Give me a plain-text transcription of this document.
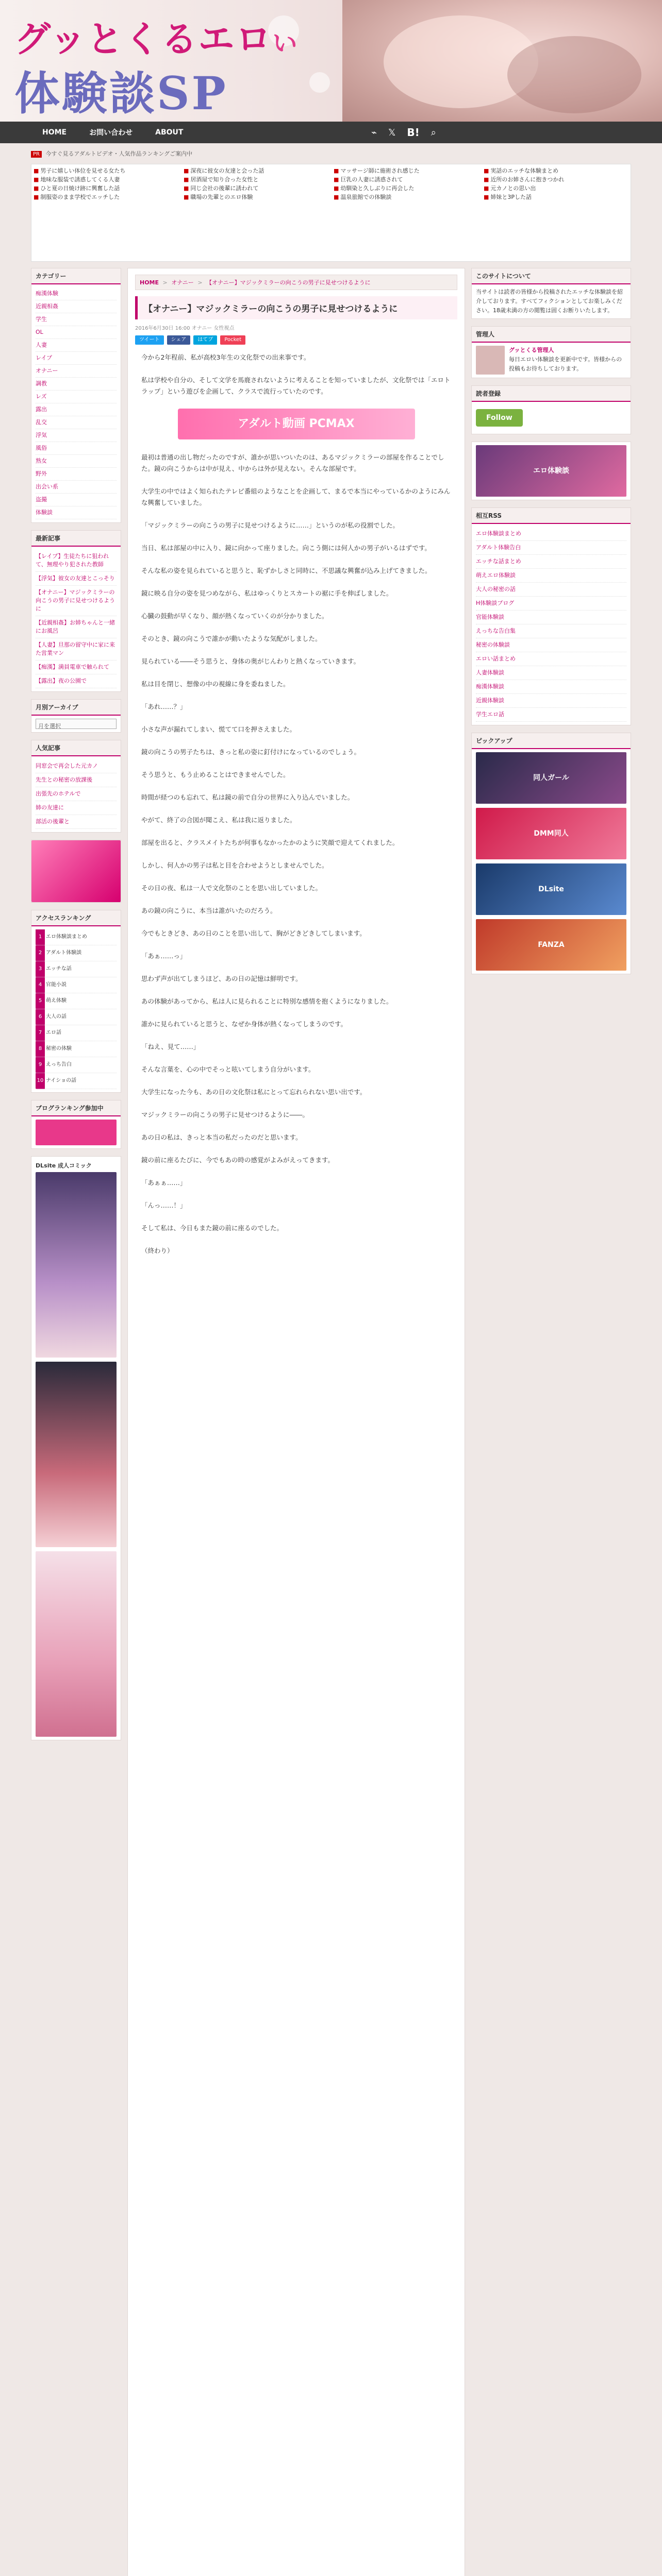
グッとくるエロい
体験談SP
HOME	お問い合わせ	ABOUT	⌁ 𝕏 B! ⌕
PR 今すぐ見るアダルトビデオ・人気作品ランキングご案内中
■ 男子に嬉しい体位を見せる女たち
■ 地味な服装で誘惑してくる人妻
■ ひと夏の日焼け跡に興奮した話
■ 制服姿のまま学校でエッチした
■ 深夜に彼女の友達と会った話
■ 居酒屋で知り合った女性と
■ 同じ会社の後輩に誘われて
■ 職場の先輩とのエロ体験
■ マッサージ師に施術され感じた
■ 巨乳の人妻に誘惑されて
■ 幼馴染と久しぶりに再会した
■ 温泉旅館での体験談
■ 実話のエッチな体験まとめ
■ 近所のお姉さんに抱きつかれ
■ 元カノとの思い出
■ 姉妹と3Pした話
カテゴリー
痴漢体験
近親相姦
学生
OL
人妻
レイプ
オナニー
調教
レズ
露出
乱交
浮気
風俗
熟女
野外
出会い系
盗撮
体験談
最新記事
【レイプ】生徒たちに狙われて、無理やり犯された教師
【浮気】彼女の友達とこっそり
【オナニー】マジックミラーの向こうの男子に見せつけるように
【近親相姦】お姉ちゃんと一緒にお風呂
【人妻】旦那の留守中に家に来た営業マン
【痴漢】満員電車で触られて
【露出】夜の公園で
月別アーカイブ
月を選択
人気記事
同窓会で再会した元カノ
先生との秘密の放課後
出張先のホテルで
姉の友達に
部活の後輩と
アクセスランキング
1	エロ体験談まとめ
2	アダルト体験談
3	エッチな話
4	官能小説
5	萌え体験
6	大人の話
7	エロ話
8	秘密の体験
9	えっち告白
10	ナイショの話
ブログランキング参加中
DLsite 成人コミック
HOME > オナニー > 【オナニー】マジックミラーの向こうの男子に見せつけるように
【オナニー】マジックミラーの向こうの男子に見せつけるように
2016年6月30日 16:00 オナニー 女性視点
ツイート	シェア	はてブ	Pocket

今から2年程前、私が高校3年生の文化祭での出来事です。

私は学校や自分の、そして文学を馬鹿されないように考えることを知っていましたが、文化祭では「エロトラップ」という遊びを企画して、クラスで流行っていたのです。

アダルト動画 PCMAX

最初は普通の出し物だったのですが、誰かが思いついたのは、あるマジックミラーの部屋を作ることでした。鏡の向こうからは中が見え、中からは外が見えない。そんな部屋です。

大学生の中ではよく知られたテレビ番組のようなことを企画して、まるで本当にやっているかのようにみんな興奮していました。

「マジックミラーの向こうの男子に見せつけるように……」というのが私の役割でした。

当日、私は部屋の中に入り、鏡に向かって座りました。向こう側には何人かの男子がいるはずです。

そんな私の姿を見られていると思うと、恥ずかしさと同時に、不思議な興奮が込み上げてきました。

鏡に映る自分の姿を見つめながら、私はゆっくりとスカートの裾に手を伸ばしました。

心臓の鼓動が早くなり、顔が熱くなっていくのが分かりました。

そのとき、鏡の向こうで誰かが動いたような気配がしました。

見られている――そう思うと、身体の奥がじんわりと熱くなっていきます。

私は目を閉じ、想像の中の視線に身を委ねました。

「あれ……？」

小さな声が漏れてしまい、慌てて口を押さえました。

鏡の向こうの男子たちは、きっと私の姿に釘付けになっているのでしょう。

そう思うと、もう止めることはできませんでした。

時間が経つのも忘れて、私は鏡の前で自分の世界に入り込んでいました。

やがて、終了の合図が聞こえ、私は我に返りました。

部屋を出ると、クラスメイトたちが何事もなかったかのように笑顔で迎えてくれました。

しかし、何人かの男子は私と目を合わせようとしませんでした。

その日の夜、私は一人で文化祭のことを思い出していました。

あの鏡の向こうに、本当は誰がいたのだろう。

今でもときどき、あの日のことを思い出して、胸がどきどきしてしまいます。

「あぁ……っ」

思わず声が出てしまうほど、あの日の記憶は鮮明です。

あの体験があってから、私は人に見られることに特別な感情を抱くようになりました。

誰かに見られていると思うと、なぜか身体が熱くなってしまうのです。

「ねえ、見て……」

そんな言葉を、心の中でそっと呟いてしまう自分がいます。

大学生になった今も、あの日の文化祭は私にとって忘れられない思い出です。

マジックミラーの向こうの男子に見せつけるように――。

あの日の私は、きっと本当の私だったのだと思います。

鏡の前に座るたびに、今でもあの時の感覚がよみがえってきます。

「あぁぁ……」

「んっ……！」

そして私は、今日もまた鏡の前に座るのでした。

（終わり）

このサイトについて
当サイトは読者の皆様から投稿されたエッチな体験談を紹介しております。すべてフィクションとしてお楽しみください。18歳未満の方の閲覧は固くお断りいたします。
管理人
グッとくる管理人
毎日エロい体験談を更新中です。皆様からの投稿もお待ちしております。
読者登録
Follow
エロ体験談
相互RSS
エロ体験談まとめ
アダルト体験告白
エッチな話まとめ
萌えエロ体験談
大人の秘密の話
H体験談ブログ
官能体験談
えっちな告白集
秘密の体験談
エロい話まとめ
人妻体験談
痴漢体験談
近親体験談
学生エロ話
ピックアップ
同人ガール
DMM同人
DLsite
FANZA
